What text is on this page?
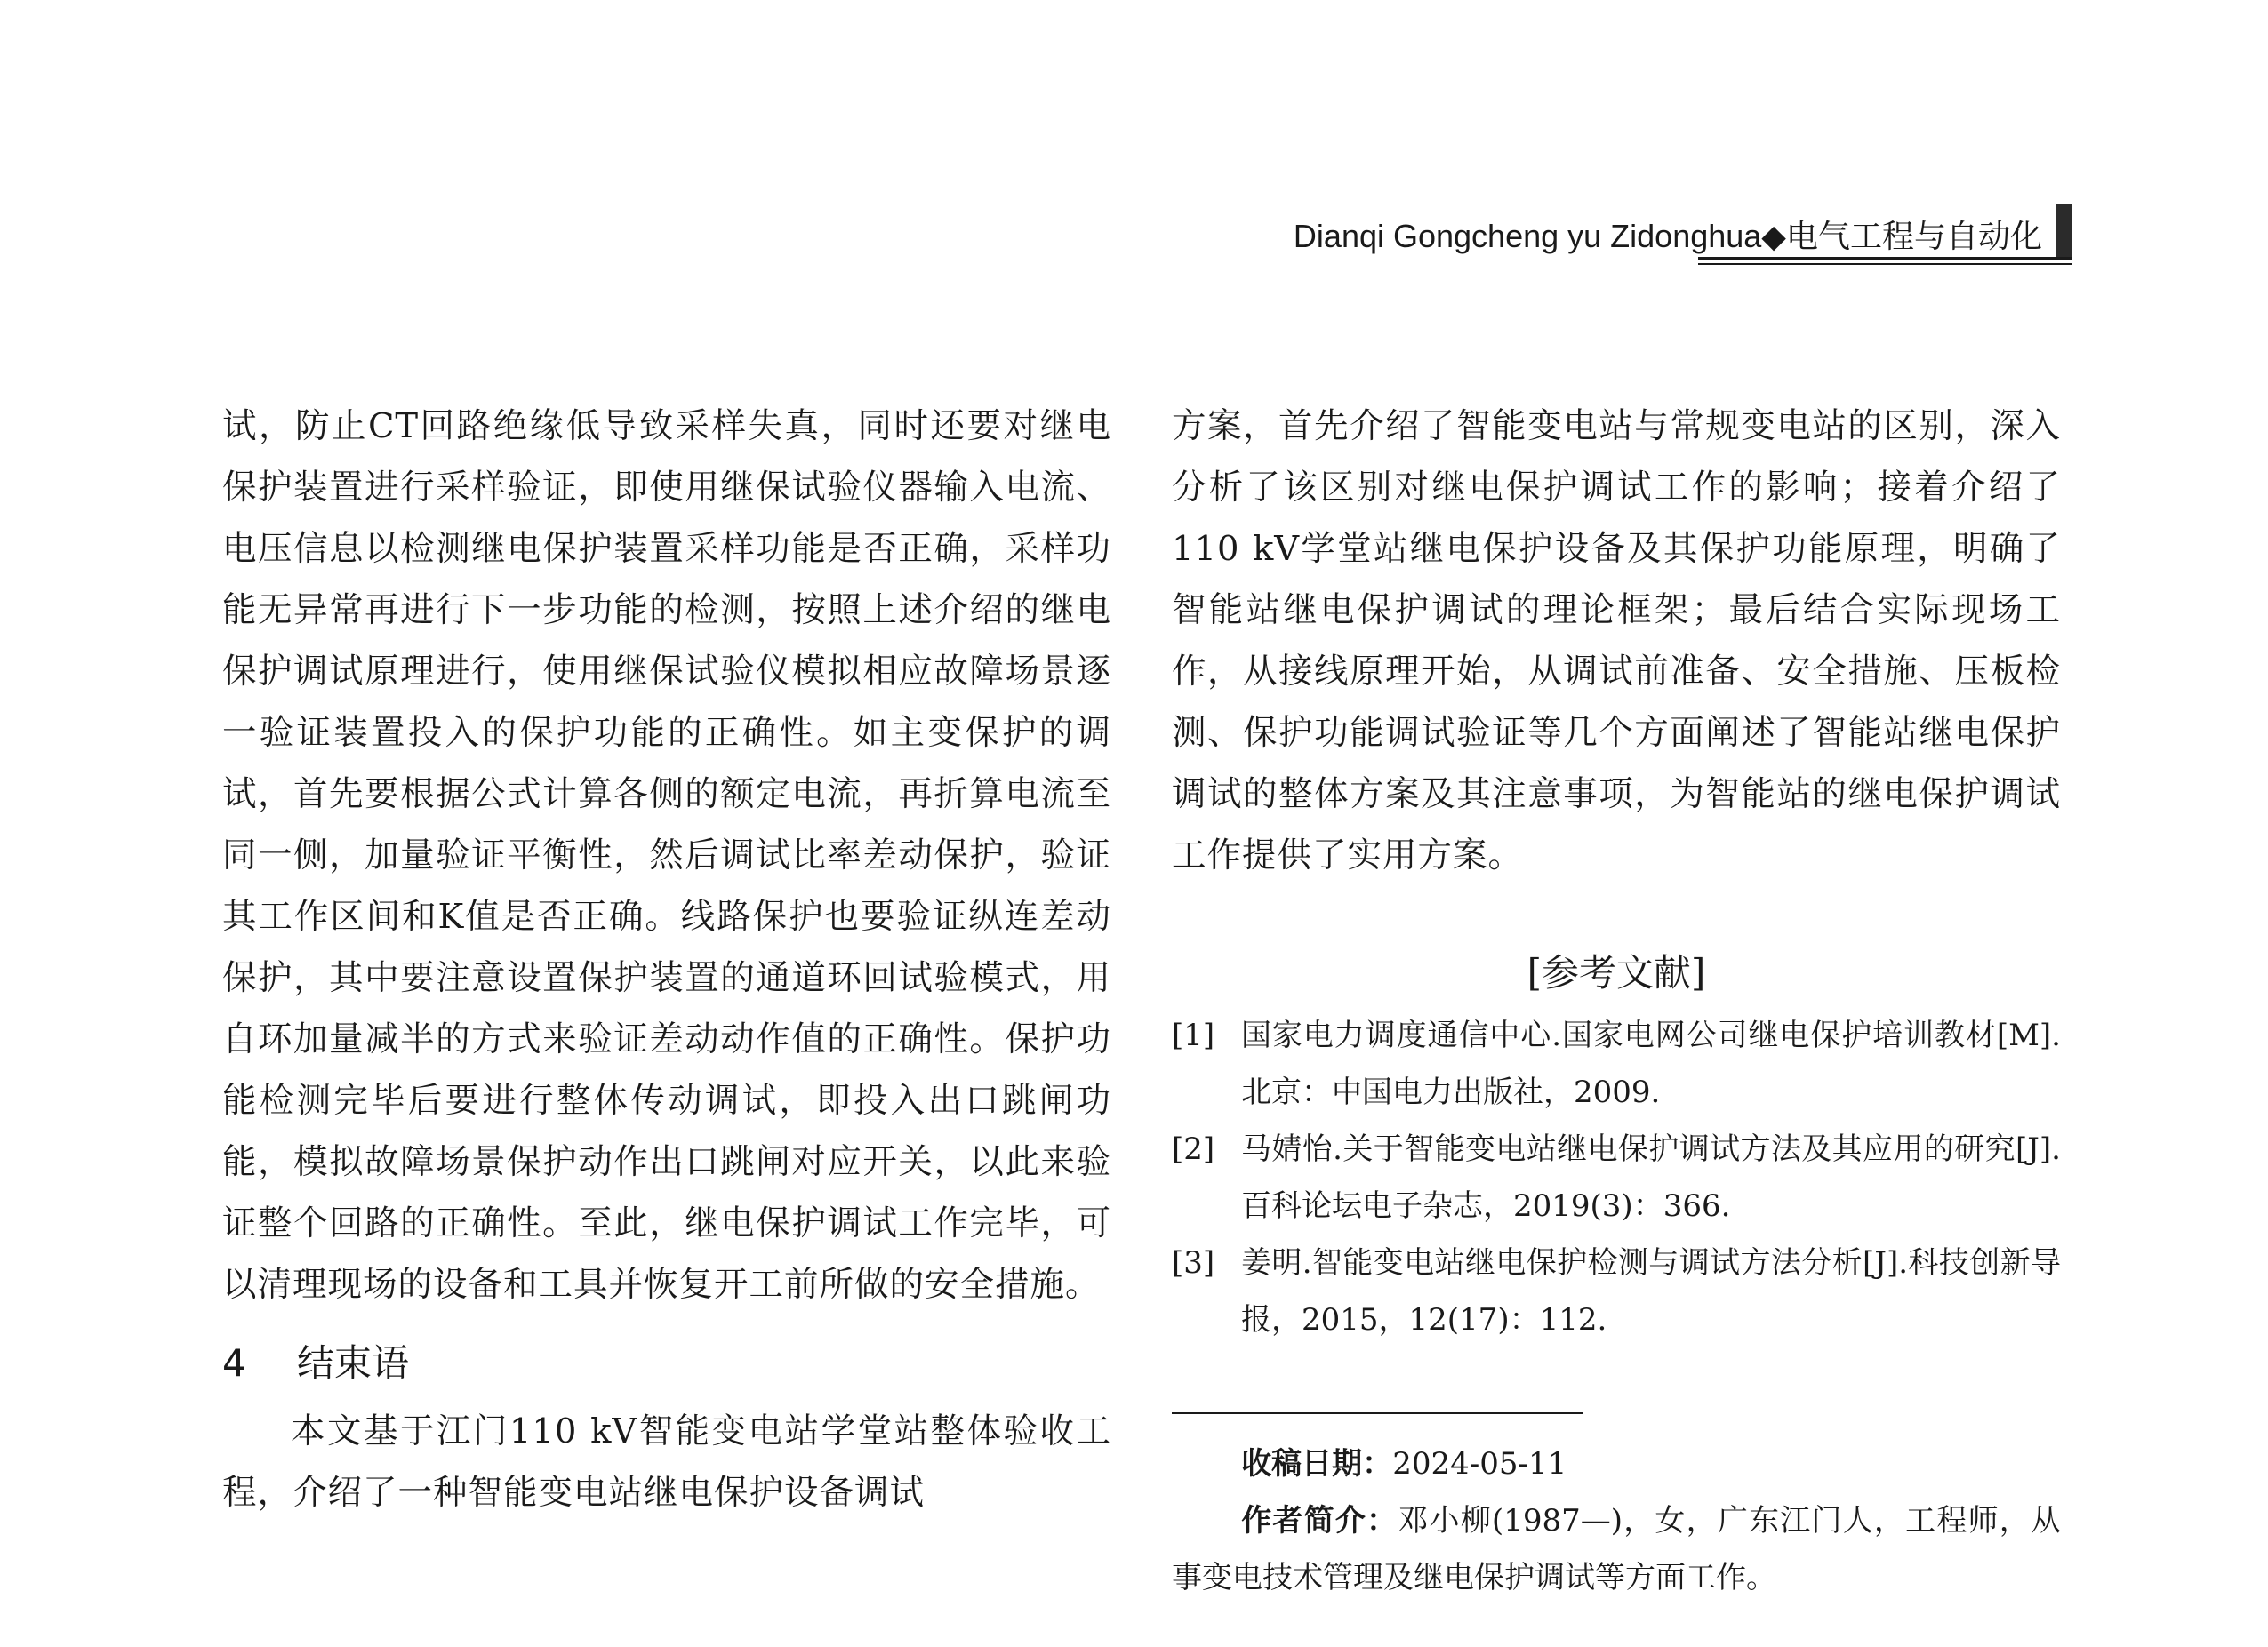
Dianqi Gongcheng yu Zidonghua◆电气工程与自动化

试，防止CT回路绝缘低导致采样失真，同时还要对继电保护装置进行采样验证，即使用继保试验仪器输入电流、电压信息以检测继电保护装置采样功能是否正确，采样功能无异常再进行下一步功能的检测，按照上述介绍的继电保护调试原理进行，使用继保试验仪模拟相应故障场景逐一验证装置投入的保护功能的正确性。如主变保护的调试，首先要根据公式计算各侧的额定电流，再折算电流至同一侧，加量验证平衡性，然后调试比率差动保护，验证其工作区间和K值是否正确。线路保护也要验证纵连差动保护，其中要注意设置保护装置的通道环回试验模式，用自环加量减半的方式来验证差动动作值的正确性。保护功能检测完毕后要进行整体传动调试，即投入出口跳闸功能，模拟故障场景保护动作出口跳闸对应开关，以此来验证整个回路的正确性。至此，继电保护调试工作完毕，可以清理现场的设备和工具并恢复开工前所做的安全措施。

4 结束语

本文基于江门110 kV智能变电站学堂站整体验收工程，介绍了一种智能变电站继电保护设备调试

方案，首先介绍了智能变电站与常规变电站的区别，深入分析了该区别对继电保护调试工作的影响；接着介绍了110 kV学堂站继电保护设备及其保护功能原理，明确了智能站继电保护调试的理论框架；最后结合实际现场工作，从接线原理开始，从调试前准备、安全措施、压板检测、保护功能调试验证等几个方面阐述了智能站继电保护调试的整体方案及其注意事项，为智能站的继电保护调试工作提供了实用方案。

[参考文献]
[1] 国家电力调度通信中心.国家电网公司继电保护培训教材[M].北京：中国电力出版社，2009.
[2] 马婧怡.关于智能变电站继电保护调试方法及其应用的研究[J].百科论坛电子杂志，2019(3)：366.
[3] 姜明.智能变电站继电保护检测与调试方法分析[J].科技创新导报，2015，12(17)：112.
收稿日期：2024-05-11
作者简介：邓小柳(1987—)，女，广东江门人，工程师，从事变电技术管理及继电保护调试等方面工作。
